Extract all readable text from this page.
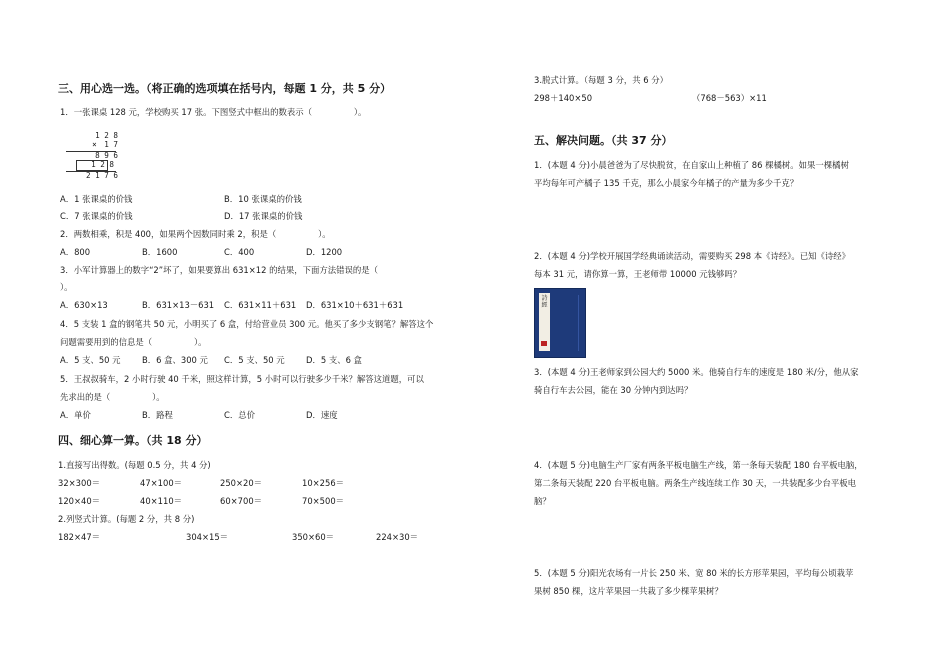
三、用心选一选。（将正确的选项填在括号内，每题 1 分，共 5 分）
1．一张课桌 128 元，学校购买 17 张。下图竖式中框出的数表示（　　　　　）。
1 2 8
×　1 7
8 9 6
1 2 8
2 1 7 6
A．1 张课桌的价钱	B．10 张课桌的价钱
C．7 张课桌的价钱	D．17 张课桌的价钱
2．两数相乘，积是 400，如果两个因数同时乘 2，积是（　　　　　）。
A．800	B．1600	C．400	D．1200
3．小军计算器上的数字“2”坏了，如果要算出 631×12 的结果，下面方法错误的是（
）。
A．630×13	B．631×13－631 C．631×11＋631 D．631×10＋631＋631
4．5 支装 1 盒的钢笔共 50 元，小明买了 6 盒，付给营业员 300 元。他买了多少支钢笔？解答这个
问题需要用到的信息是（　　　　　）。
A．5 支、50 元	B．6 盒、300 元 C．5 支、50 元	D．5 支、6 盒
5．王叔叔骑车，2 小时行驶 40 千米，照这样计算，5 小时可以行驶多少千米？解答这道题，可以
先求出的是（　　　　　）。
A．单价	B．路程	C．总价	D．速度
四、细心算一算。（共 18 分）
1.直接写出得数。(每题 0.5 分，共 4 分)
32×300＝	47×100＝	250×20＝	10×256＝
120×40＝	40×110＝	60×700＝	70×500＝
2.列竖式计算。(每题 2 分，共 8 分)
182×47＝	304×15＝	350×60＝	224×30＝
3.脱式计算。（每题 3 分，共 6 分）
298＋140×50	（768－563）×11
五、解决问题。（共 37 分）
1．(本题 4 分)小晨爸爸为了尽快脱贫，在自家山上种植了 86 棵橘树。如果一棵橘树
平均每年可产橘子 135 千克，那么小晨家今年橘子的产量为多少千克？
2．(本题 4 分)学校开展国学经典诵读活动，需要购买 298 本《诗经》。已知《诗经》
每本 31 元，请你算一算，王老师带 10000 元钱够吗？
3．(本题 4 分)王老师家到公园大约 5000 米。他骑自行车的速度是 180 米/分，他从家
骑自行车去公园，能在 30 分钟内到达吗？
4．(本题 5 分)电脑生产厂家有两条平板电脑生产线，第一条每天装配 180 台平板电脑，
第二条每天装配 220 台平板电脑。两条生产线连续工作 30 天，一共装配多少台平板电
脑？
5．(本题 5 分)阳光农场有一片长 250 米、宽 80 米的长方形苹果园，平均每公顷栽苹
果树 850 棵，这片苹果园一共栽了多少棵苹果树？
詩經
